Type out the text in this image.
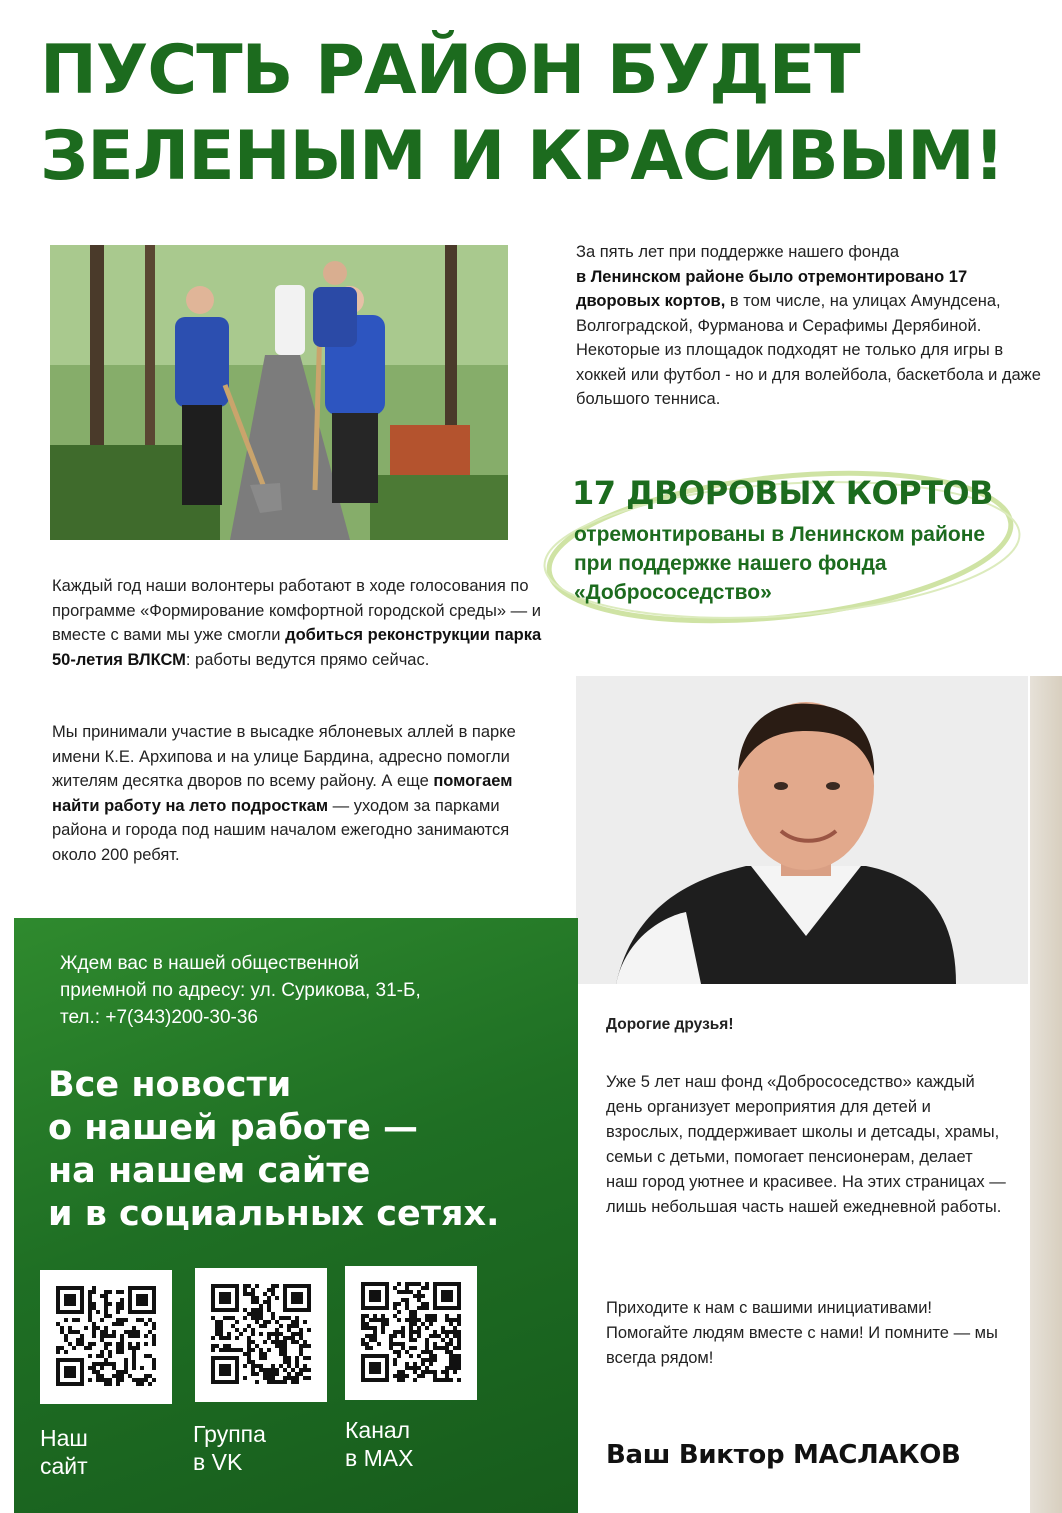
ПУСТЬ РАЙОН БУДЕТ
ЗЕЛЕНЫМ И КРАСИВЫМ!
За пять лет при поддержке нашего фонда
в Ленинском районе было отремонтировано 17 дворовых кортов, в том числе, на улицах Амундсена, Волгоградской, Фурманова и Серафимы Дерябиной. Некоторые из площадок подходят не только для игры в хоккей или футбол - но и для волейбола, баскетбола и даже большого тенниса.
17 ДВОРОВЫХ КОРТОВ
отремонтированы в Ленинском районе при поддержке нашего фонда «Добрососедство»
Каждый год наши волонтеры работают в ходе голосования по программе «Формирование комфортной городской среды» — и вместе с вами мы уже смогли добиться реконструкции парка 50-летия ВЛКСМ: работы ведутся прямо сейчас.
Мы принимали участие в высадке яблоневых аллей в парке имени К.Е. Архипова и на улице Бардина, адресно помогли жителям десятка дворов по всему району. А еще помогаем найти работу на лето подросткам — уходом за парками района и города под нашим началом ежегодно занимаются около 200 ребят.
Ждем вас в нашей общественной
приемной по адресу: ул. Сурикова, 31-Б,
тел.: +7(343)200-30-36
Все новости
о нашей работе —
на нашем сайте
и в социальных сетях.
Наш
сайт
Группа
в VK
Канал
в MAX
Дорогие друзья!
Уже 5 лет наш фонд «Добрососедство» каждый день организует мероприятия для детей и взрослых, поддерживает школы и детсады, храмы, семьи с детьми, помогает пенсионерам, делает наш город уютнее и красивее. На этих страницах — лишь небольшая часть нашей ежедневной работы.
Приходите к нам с вашими инициативами! Помогайте людям вместе с нами! И помните — мы всегда рядом!
Ваш Виктор МАСЛАКОВ
